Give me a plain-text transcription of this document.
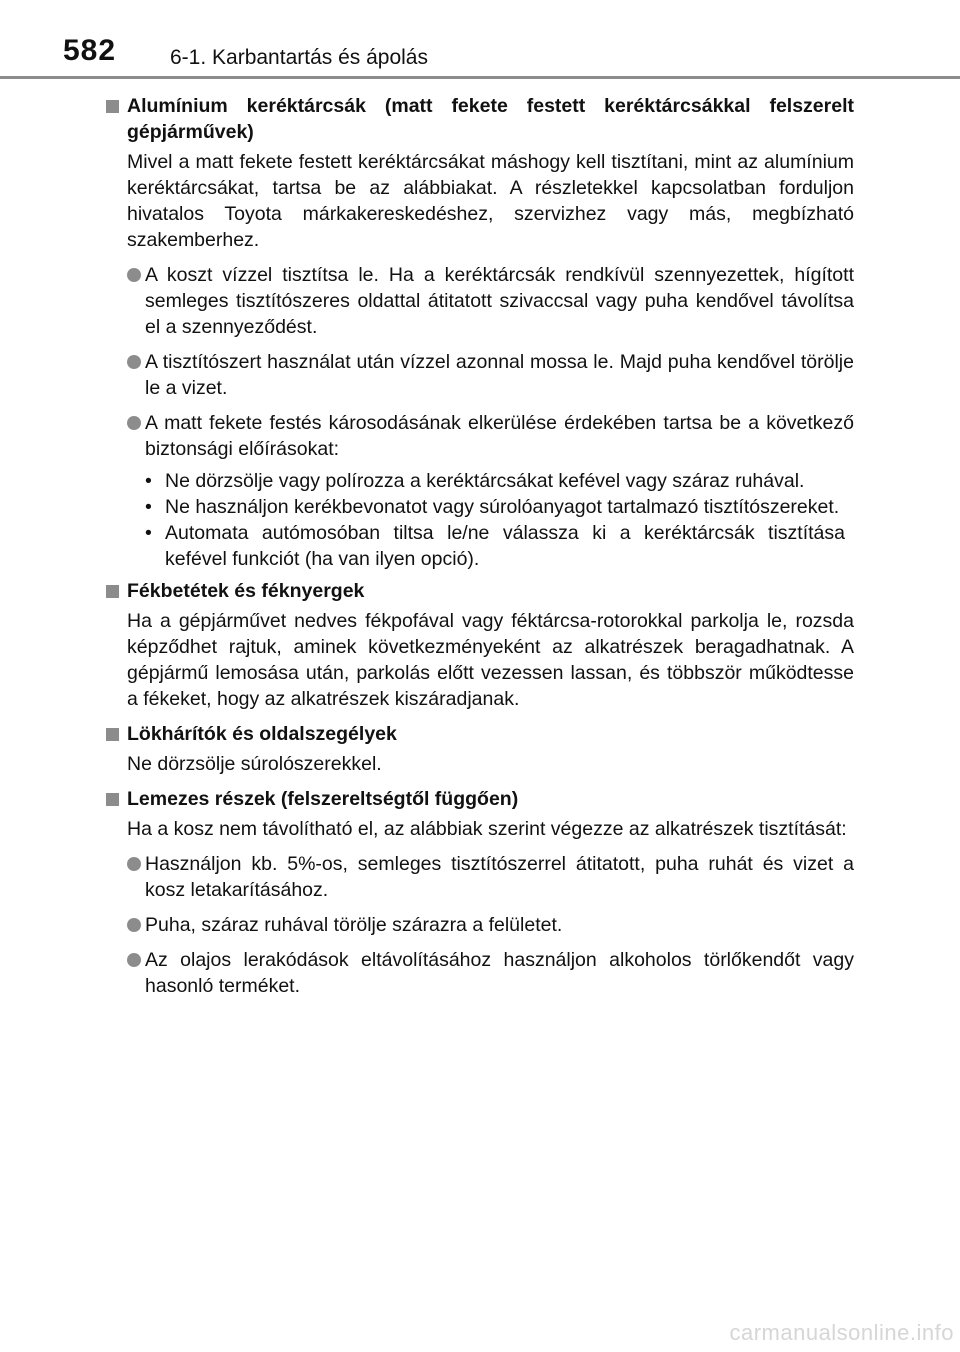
582	6-1. Karbantartás és ápolás
Alumínium keréktárcsák (matt fekete festett keréktárcsákkal felszerelt gépjárművek)
Mivel a matt fekete festett keréktárcsákat máshogy kell tisztítani, mint az alumínium keréktárcsákat, tartsa be az alábbiakat. A részletekkel kapcsolatban forduljon hivatalos Toyota márkakereskedéshez, szervizhez vagy más, megbízható szakemberhez.
A koszt vízzel tisztítsa le. Ha a keréktárcsák rendkívül szennyezettek, hígított semleges tisztítószeres oldattal átitatott szivaccsal vagy puha kendővel távolítsa el a szennyeződést.
A tisztítószert használat után vízzel azonnal mossa le. Majd puha kendővel törölje le a vizet.
A matt fekete festés károsodásának elkerülése érdekében tartsa be a következő biztonsági előírásokat:
• Ne dörzsölje vagy polírozza a keréktárcsákat kefével vagy száraz ruhával.
• Ne használjon kerékbevonatot vagy súrolóanyagot tartalmazó tisztítószereket.
• Automata autómosóban tiltsa le/ne válassza ki a keréktárcsák tisztítása kefével funkciót (ha van ilyen opció).
Fékbetétek és féknyergek
Ha a gépjárművet nedves fékpofával vagy féktárcsa-rotorokkal parkolja le, rozsda képződhet rajtuk, aminek következményeként az alkatrészek beragadhatnak. A gépjármű lemosása után, parkolás előtt vezessen lassan, és többször működtesse a fékeket, hogy az alkatrészek kiszáradjanak.
Lökhárítók és oldalszegélyek
Ne dörzsölje súrolószerekkel.
Lemezes részek (felszereltségtől függően)
Ha a kosz nem távolítható el, az alábbiak szerint végezze az alkatrészek tisztítását:
Használjon kb. 5%-os, semleges tisztítószerrel átitatott, puha ruhát és vizet a kosz letakarításához.
Puha, száraz ruhával törölje szárazra a felületet.
Az olajos lerakódások eltávolításához használjon alkoholos törlőkendőt vagy hasonló terméket.
carmanualsonline.info
